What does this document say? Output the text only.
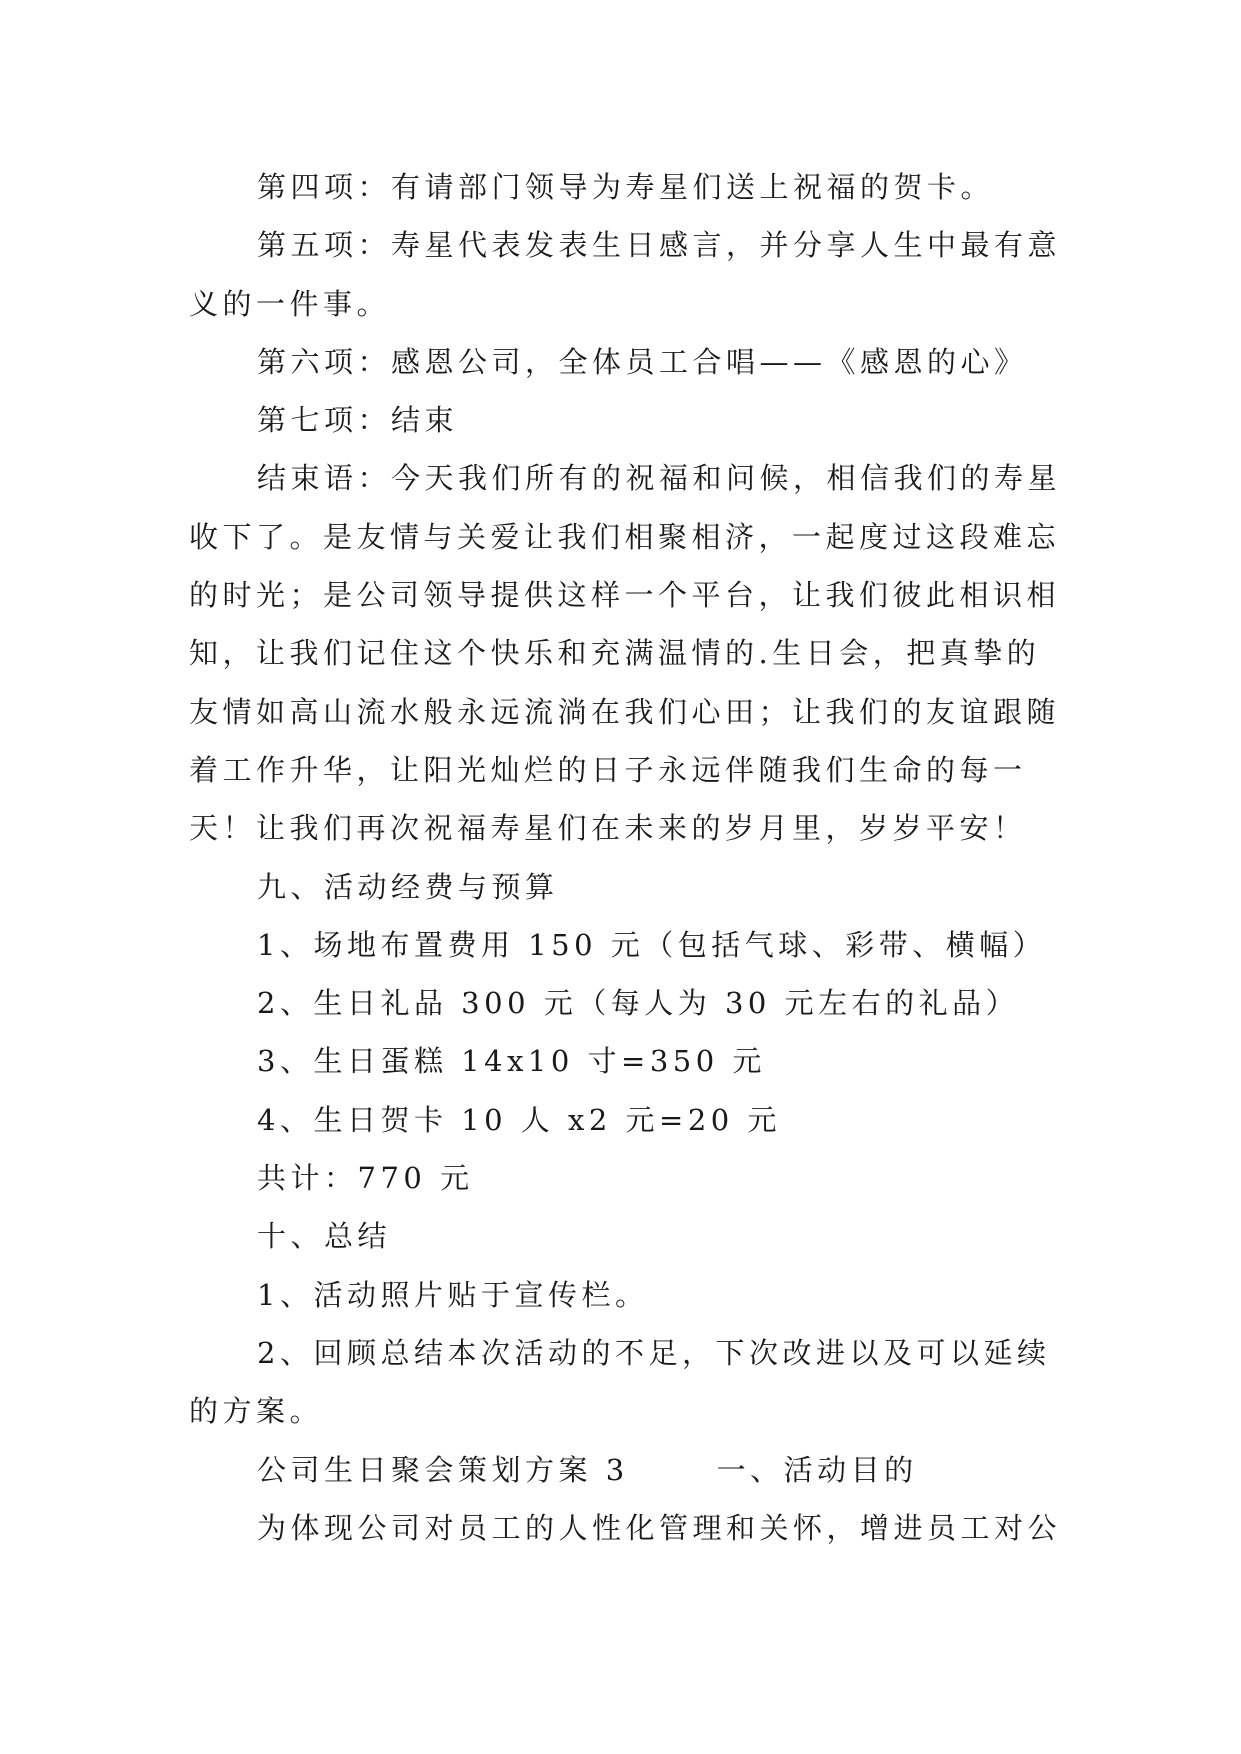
第四项：有请部门领导为寿星们送上祝福的贺卡。

第五项：寿星代表发表生日感言，并分享人生中最有意

义的一件事。

第六项：感恩公司，全体员工合唱——《感恩的心》

第七项：结束

结束语：今天我们所有的祝福和问候，相信我们的寿星

收下了。是友情与关爱让我们相聚相济，一起度过这段难忘

的时光；是公司领导提供这样一个平台，让我们彼此相识相

知，让我们记住这个快乐和充满温情的.生日会，把真挚的

友情如高山流水般永远流淌在我们心田；让我们的友谊跟随

着工作升华，让阳光灿烂的日子永远伴随我们生命的每一

天！让我们再次祝福寿星们在未来的岁月里，岁岁平安！

九、活动经费与预算

1、场地布置费用 150 元（包括气球、彩带、横幅）

2、生日礼品 300 元（每人为 30 元左右的礼品）

3、生日蛋糕 14x10 寸=350 元

4、生日贺卡 10 人 x2 元=20 元

共计：770 元

十、总结

1、活动照片贴于宣传栏。

2、回顾总结本次活动的不足，下次改进以及可以延续

的方案。

公司生日聚会策划方案 3	一、活动目的

为体现公司对员工的人性化管理和关怀，增进员工对公
